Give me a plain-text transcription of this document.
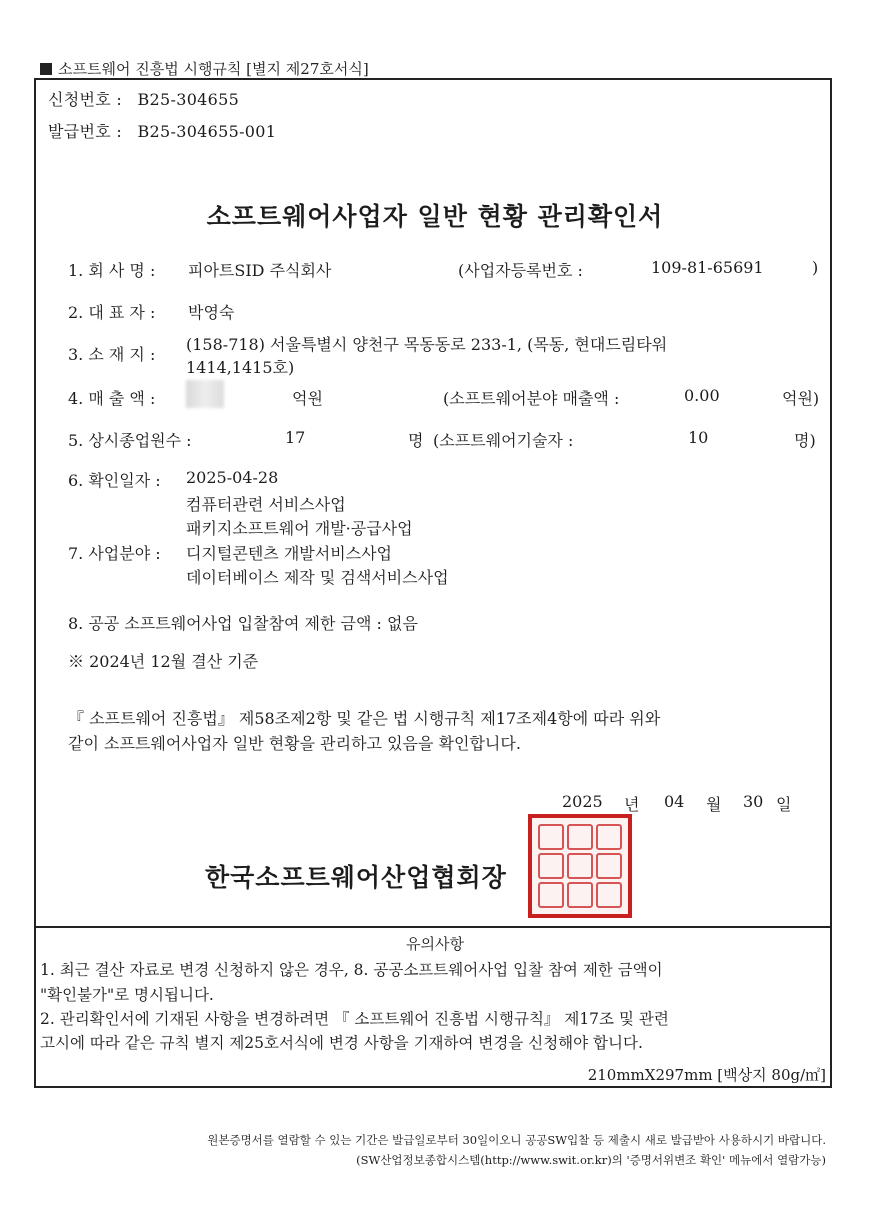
소프트웨어 진흥법 시행규칙 [별지 제27호서식]
신청번호 : B25-304655
발급번호 : B25-304655-001
소프트웨어사업자 일반 현황 관리확인서
1. 회 사 명 : 피아트SID 주식회사	(사업자등록번호 :	109-81-65691	)
2. 대 표 자 : 박영숙
3. 소 재 지 :
(158-718) 서울특별시 양천구 목동동로 233-1, (목동, 현대드림타워
1414,1415호)
4. 매 출 액 :	억원	(소프트웨어분야 매출액 :	0.00	억원)
5. 상시종업원수 :	17	명 (소프트웨어기술자 :	10	명)
6. 확인일자 : 2025-04-28
컴퓨터관련 서비스사업
패키지소프트웨어 개발·공급사업
7. 사업분야 : 디지털콘텐츠 개발서비스사업
데이터베이스 제작 및 검색서비스사업
8. 공공 소프트웨어사업 입찰참여 제한 금액 : 없음
※ 2024년 12월 결산 기준
『 소프트웨어 진흥법』 제58조제2항 및 같은 법 시행규칙 제17조제4항에 따라 위와
같이 소프트웨어사업자 일반 현황을 관리하고 있음을 확인합니다.
2025 년 04 월 30 일
한국소프트웨어산업협회장
유의사항
1. 최근 결산 자료로 변경 신청하지 않은 경우, 8. 공공소프트웨어사업 입찰 참여 제한 금액이
"확인불가"로 명시됩니다.
2. 관리확인서에 기재된 사항을 변경하려면 『 소프트웨어 진흥법 시행규칙』 제17조 및 관련
고시에 따라 같은 규칙 별지 제25호서식에 변경 사항을 기재하여 변경을 신청해야 합니다.
210mmX297mm [백상지 80g/㎡]
원본증명서를 열람할 수 있는 기간은 발급일로부터 30일이오니 공공SW입찰 등 제출시 새로 발급받아 사용하시기 바랍니다.
(SW산업정보종합시스템(http://www.swit.or.kr)의 '증명서위변조 확인' 메뉴에서 열람가능)
